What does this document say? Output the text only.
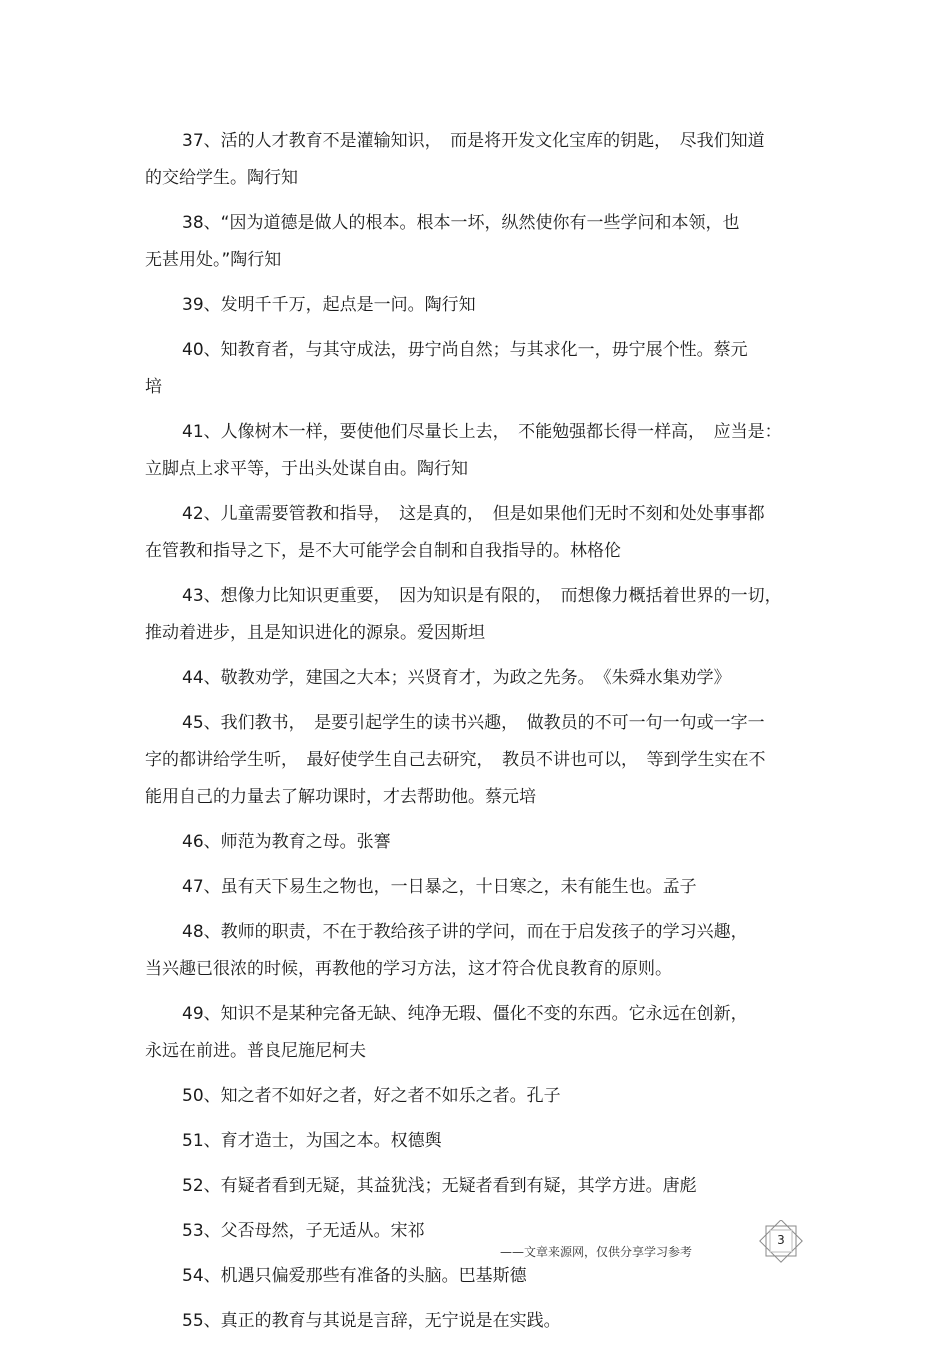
37、活的人才教育不是灌输知识，　而是将开发文化宝库的钥匙，　尽我们知道
的交给学生。陶行知
38、“因为道德是做人的根本。根本一坏，纵然使你有一些学问和本领，也
无甚用处。”陶行知
39、发明千千万，起点是一问。陶行知
40、知教育者，与其守成法，毋宁尚自然；与其求化一，毋宁展个性。蔡元
培
41、人像树木一样，要使他们尽量长上去，　不能勉强都长得一样高，　应当是：
立脚点上求平等，于出头处谋自由。陶行知
42、儿童需要管教和指导，　这是真的，　但是如果他们无时不刻和处处事事都
在管教和指导之下，是不大可能学会自制和自我指导的。林格伦
43、想像力比知识更重要，　因为知识是有限的，　而想像力概括着世界的一切，
推动着进步，且是知识进化的源泉。爱因斯坦
44、敬教劝学，建国之大本；兴贤育才，为政之先务。　《朱舜水集劝学》
45、我们教书，　是要引起学生的读书兴趣，　做教员的不可一句一句或一字一
字的都讲给学生听，　最好使学生自己去研究，　教员不讲也可以，　等到学生实在不
能用自己的力量去了解功课时，才去帮助他。蔡元培
46、师范为教育之母。张謇
47、虽有天下易生之物也，一日暴之，十日寒之，未有能生也。孟子
48、教师的职责，不在于教给孩子讲的学问，而在于启发孩子的学习兴趣，
当兴趣已很浓的时候，再教他的学习方法，这才符合优良教育的原则。
49、知识不是某种完备无缺、纯净无瑕、僵化不变的东西。它永远在创新，
永远在前进。普良尼施尼柯夫
50、知之者不如好之者，好之者不如乐之者。孔子
51、育才造士，为国之本。权德舆
52、有疑者看到无疑，其益犹浅；无疑者看到有疑，其学方进。唐彪
53、父否母然，子无适从。宋祁
54、机遇只偏爱那些有准备的头脑。巴基斯德
55、真正的教育与其说是言辞，无宁说是在实践。
——文章来源网，仅供分享学习参考
3
